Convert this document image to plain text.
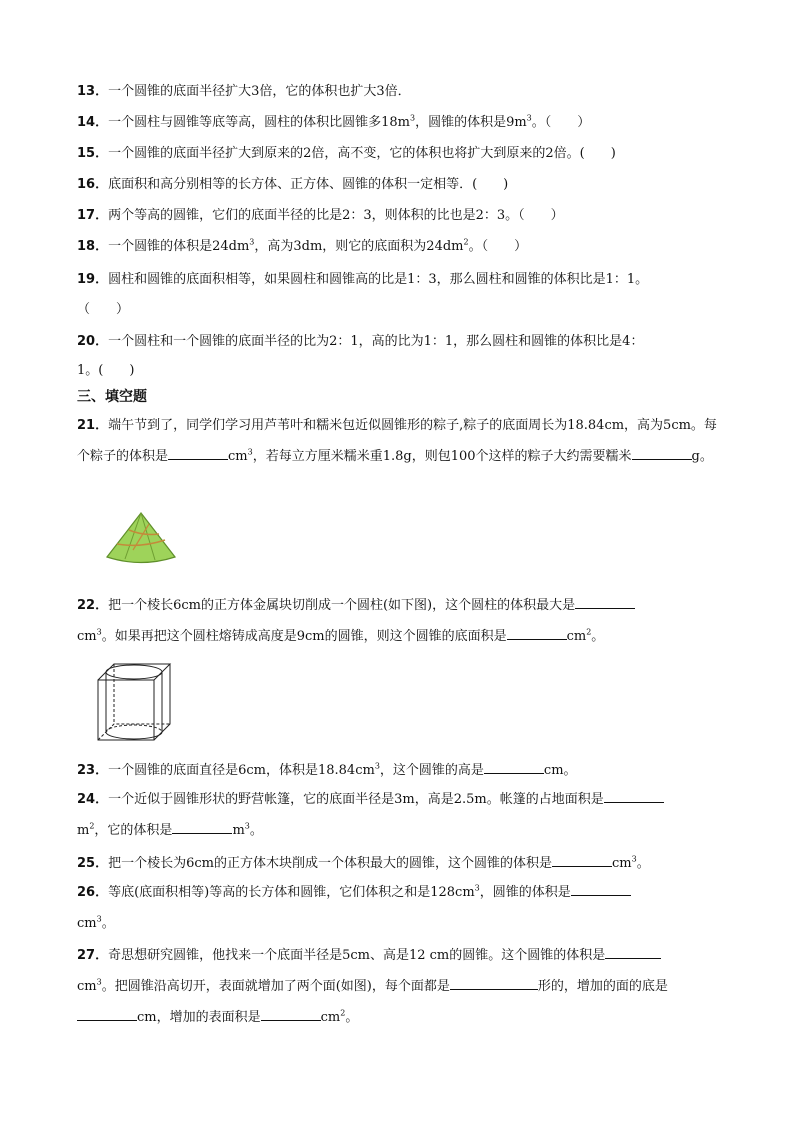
13．一个圆锥的底面半径扩大3倍，它的体积也扩大3倍．
14．一个圆柱与圆锥等底等高，圆柱的体积比圆锥多$18m^3$，圆锥的体积是$9m^3$。（　　）
15．一个圆锥的底面半径扩大到原来的2倍，高不变，它的体积也将扩大到原来的2倍。(　　)
16．底面积和高分别相等的长方体、正方体、圆锥的体积一定相等．(　　)
17．两个等高的圆锥，它们的底面半径的比是2：3，则体积的比也是2：3。（　　）
18．一个圆锥的体积是$24dm^3$，高为3dm，则它的底面积为$24dm^2$。（　　）
19．圆柱和圆锥的底面积相等，如果圆柱和圆锥高的比是1：3，那么圆柱和圆锥的体积比是1：1。
（　　）
20．一个圆柱和一个圆锥的底面半径的比为2：1，高的比为1：1，那么圆柱和圆锥的体积比是4：
1。(　　)
三、填空题
21．端午节到了，同学们学习用芦苇叶和糯米包近似圆锥形的粽子,粽子的底面周长为18.84cm，高为5cm。每个粽子的体积是	$cm^3$，若每立方厘米糯米重1.8g，则包100个这样的粽子大约需要糯米	g。
22．把一个棱长6cm的正方体金属块切削成一个圆柱(如下图)，这个圆柱的体积最大是
$cm^3$。如果再把这个圆柱熔铸成高度是9cm的圆锥，则这个圆锥的底面积是	$cm^2$。
23．一个圆锥的底面直径是6cm，体积是$18.84cm^3$，这个圆锥的高是	cm。
24．一个近似于圆锥形状的野营帐篷，它的底面半径是3m，高是2.5m。帐篷的占地面积是
$m^2$，它的体积是	$m^3$。
25．把一个棱长为6cm的正方体木块削成一个体积最大的圆锥，这个圆锥的体积是	$cm^3$。
26．等底(底面积相等)等高的长方体和圆锥，它们体积之和是$128cm^3$，圆锥的体积是
$cm^3$。
27．奇思想研究圆锥，他找来一个底面半径是5cm、高是12 cm的圆锥。这个圆锥的体积是
$cm^3$。把圆锥沿高切开，表面就增加了两个面(如图)，每个面都是	形的，增加的面的底是
cm，增加的表面积是	$cm^2$。
